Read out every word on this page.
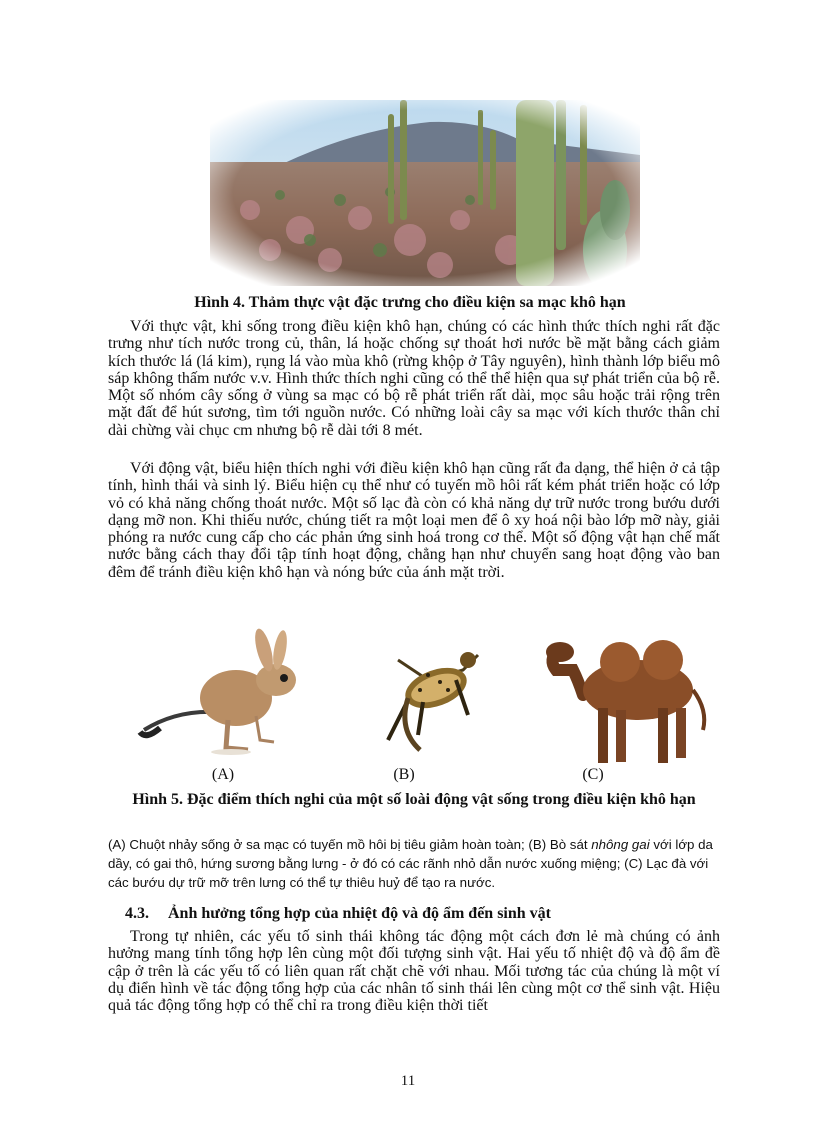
Hình 4. Thảm thực vật đặc trưng cho điều kiện sa mạc khô hạn

Với thực vật, khi sống trong điều kiện khô hạn, chúng có các hình thức thích nghi rất đặc trưng như tích nước trong củ, thân, lá hoặc chống sự thoát hơi nước bề mặt bằng cách giảm kích thước lá (lá kim), rụng lá vào mùa khô (rừng khộp ở Tây nguyên), hình thành lớp biểu mô sáp không thấm nước v.v. Hình thức thích nghi cũng có thể thể hiện qua sự phát triển của bộ rễ. Một số nhóm cây sống ở vùng sa mạc có bộ rễ phát triển rất dài, mọc sâu hoặc trải rộng trên mặt đất để hút sương, tìm tới nguồn nước. Có những loài cây sa mạc với kích thước thân chỉ dài chừng vài chục cm nhưng bộ rễ dài tới 8 mét.

Với động vật, biểu hiện thích nghi với điều kiện khô hạn cũng rất đa dạng, thể hiện ở cả tập tính, hình thái và sinh lý. Biểu hiện cụ thể như có tuyến mồ hôi rất kém phát triển hoặc có lớp vỏ có khả năng chống thoát nước. Một số lạc đà còn có khả năng dự trữ nước trong bướu dưới dạng mỡ non. Khi thiếu nước, chúng tiết ra một loại men để ô xy hoá nội bào lớp mỡ này, giải phóng ra nước cung cấp cho các phản ứng sinh hoá trong cơ thể. Một số động vật hạn chế mất nước bằng cách thay đổi tập tính hoạt động, chẳng hạn như chuyển sang hoạt động vào ban đêm để tránh điều kiện khô hạn và nóng bức của ánh mặt trời.

(A)	(B)	(C)
Hình 5. Đặc điểm thích nghi của một số loài động vật sống trong điều kiện khô hạn

(A) Chuột nhảy sống ở sa mạc có tuyến mồ hôi bị tiêu giảm hoàn toàn; (B) Bò sát nhông gai với lớp da dầy, có gai thô, hứng sương bằng lưng - ở đó có các rãnh nhỏ dẫn nước xuống miệng; (C) Lạc đà với các bướu dự trữ mỡ trên lưng có thể tự thiêu huỷ để tạo ra nước.

4.3. Ảnh hưởng tổng hợp của nhiệt độ và độ ẩm đến sinh vật

Trong tự nhiên, các yếu tố sinh thái không tác động một cách đơn lẻ mà chúng có ảnh hưởng mang tính tổng hợp lên cùng một đối tượng sinh vật. Hai yếu tố nhiệt độ và độ ẩm đề cập ở trên là các yếu tố có liên quan rất chặt chẽ với nhau. Mối tương tác của chúng là một ví dụ điển hình về tác động tổng hợp của các nhân tố sinh thái lên cùng một cơ thể sinh vật. Hiệu quả tác động tổng hợp có thể chỉ ra trong điều kiện thời tiết

11
